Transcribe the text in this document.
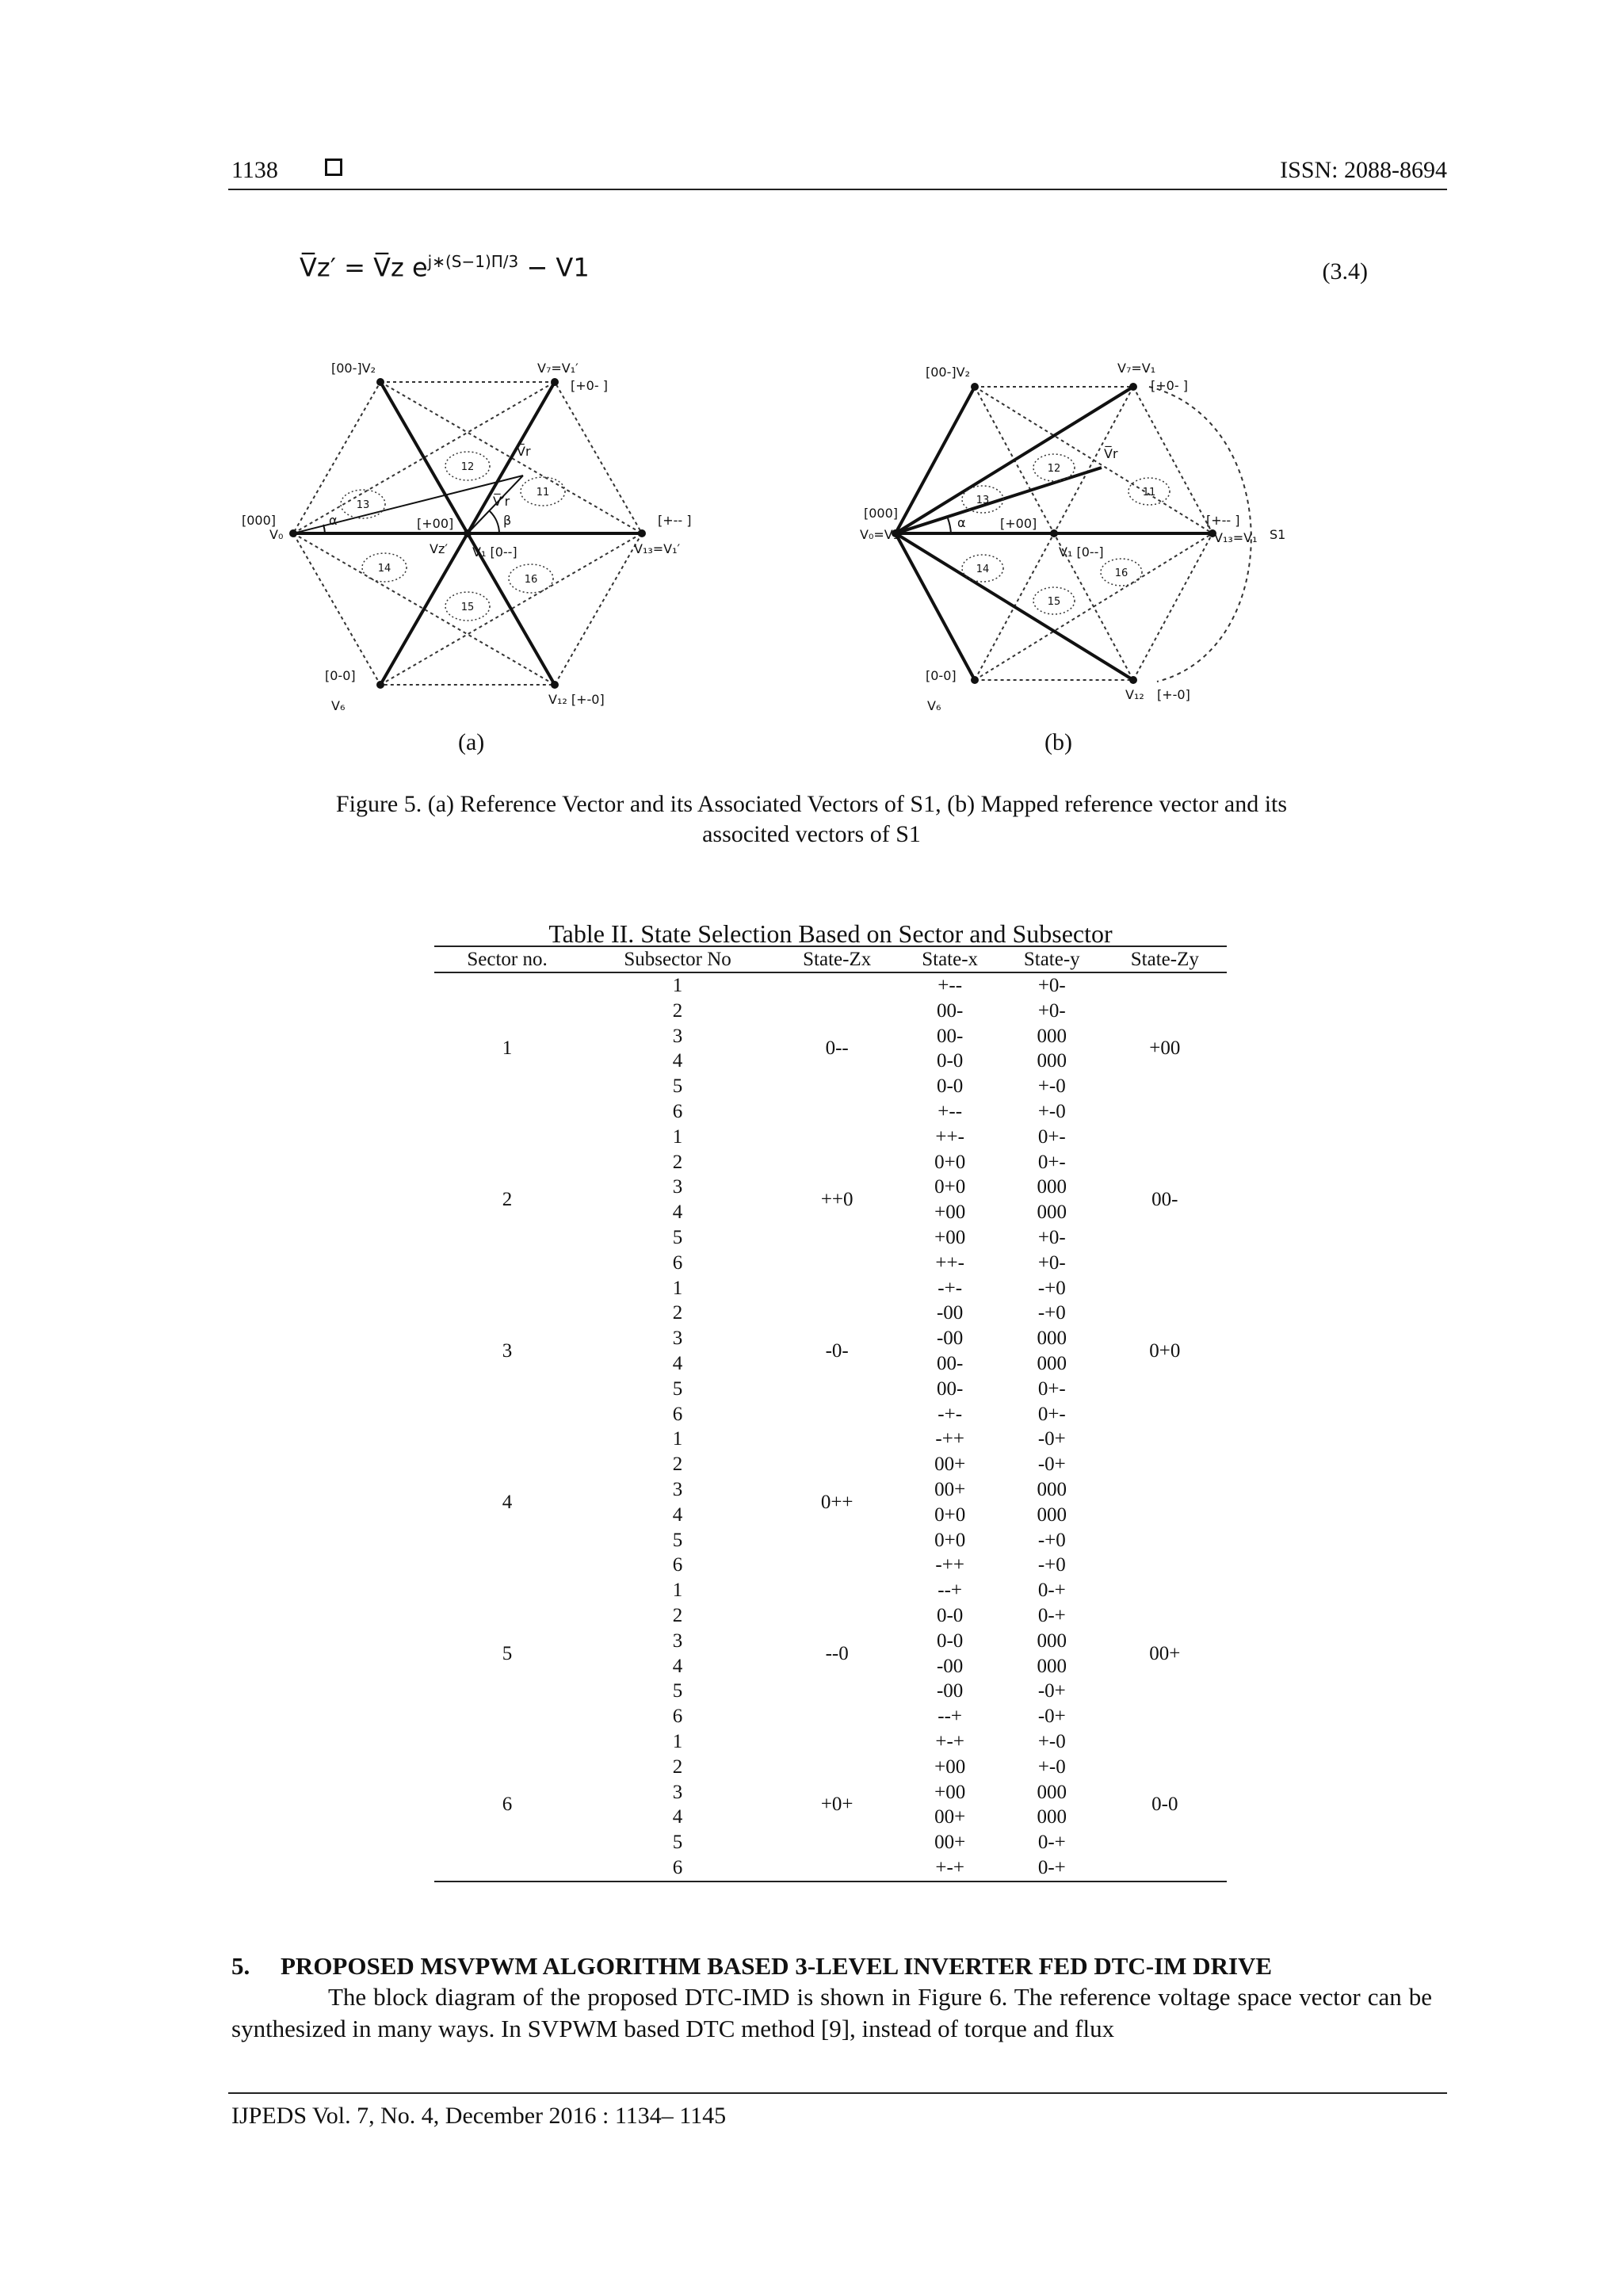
1138	ISSN: 2088-8694
V̅z′ = V̅z $e^{j∗(S-1)\Pi/3} - V1$	(3.4)
[00-]V₂	V₇=V₁′
[+0- ]
[000]
V₀
[+-- ]
V₁₃=V₁′
V₁ [0--]
[+00]
Vz′
V̅r
V̅′r
α	β
[0-0]
V₆	V₁₂ [+-0]
11
12
13
14
15
16
(a)
[00-]V₂	V₇=V₁
[+0- ]
[000]
V₀=V₁
[+-- ]
V₁₃=V₁ S1
V₁ [0--]
[+00]
V̅r
α
[0-0]
V₆
V₁₂ [+-0]
11
12
13
14
15
16
(b)
Figure 5. (a) Reference Vector and its Associated Vectors of S1, (b) Mapped reference vector and its
associted vectors of S1
Table II. State Selection Based on Sector and Subsector
Sector no.	Subsector No	State-Zx	State-x	State-y	State-Zy
1	1	0--	+--	+0-	+00
	2		00-	+0-	
	3		00-	000	
	4		0-0	000	
	5		0-0	+-0	
	6		+--	+-0	
2	1	++0	++-	0+-	00-
	2		0+0	0+-	
	3		0+0	000	
	4		+00	000	
	5		+00	+0-	
	6		++-	+0-	
3	1	-0-	-+-	-+0	0+0
	2		-00	-+0	
	3		-00	000	
	4		00-	000	
	5		00-	0+-	
	6		-+-	0+-	
4	1	0++	-++	-0+	
	2		00+	-0+	
	3		00+	000	
	4		0+0	000	
	5		0+0	-+0	
	6		-++	-+0	
5	1	--0	--+	0-+	00+
	2		0-0	0-+	
	3		0-0	000	
	4		-00	000	
	5		-00	-0+	
	6		--+	-0+	
6	1	+0+	+-+	+-0	0-0
	2		+00	+-0	
	3		+00	000	
	4		00+	000	
	5		00+	0-+	
	6		+-+	0-+	
5.     PROPOSED MSVPWM ALGORITHM BASED 3-LEVEL INVERTER FED DTC-IM DRIVE
The block diagram of the proposed DTC-IMD is shown in Figure 6. The reference voltage space vector can be synthesized in many ways. In SVPWM based DTC method [9], instead of torque and flux
IJPEDS Vol. 7, No. 4, December 2016 : 1134– 1145
